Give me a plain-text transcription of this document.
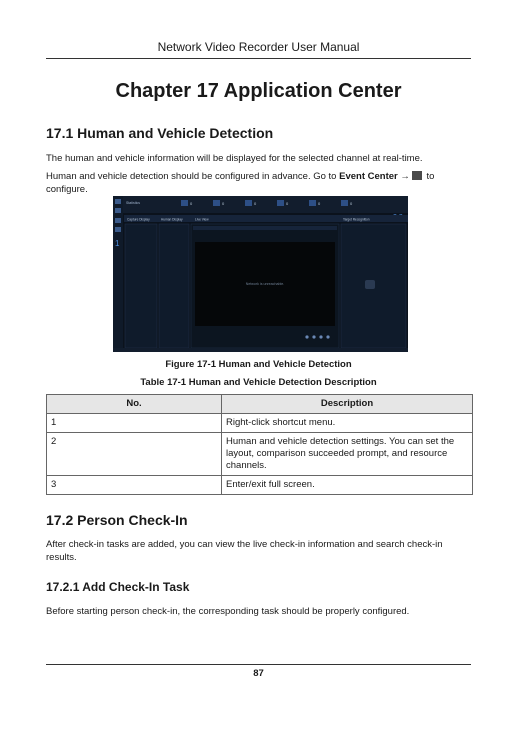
Network Video Recorder User Manual
Chapter 17 Application Center
17.1 Human and Vehicle Detection
The human and vehicle information will be displayed for the selected channel at real-time.
Human and vehicle detection should be configured in advance. Go to Event Center → to configure.
Statistics	0	0	0	0	0	0
1
Capture Display	Human Display	Live View	Target Recognition
Network is unreachable.
Figure 17-1 Human and Vehicle Detection
Table 17-1 Human and Vehicle Detection Description
No.	Description
1	Right-click shortcut menu.
2	Human and vehicle detection settings. You can set the layout, comparison succeeded prompt, and resource channels.
3	Enter/exit full screen.
17.2 Person Check-In
After check-in tasks are added, you can view the live check-in information and search check-in results.
17.2.1 Add Check-In Task
Before starting person check-in, the corresponding task should be properly configured.
87
